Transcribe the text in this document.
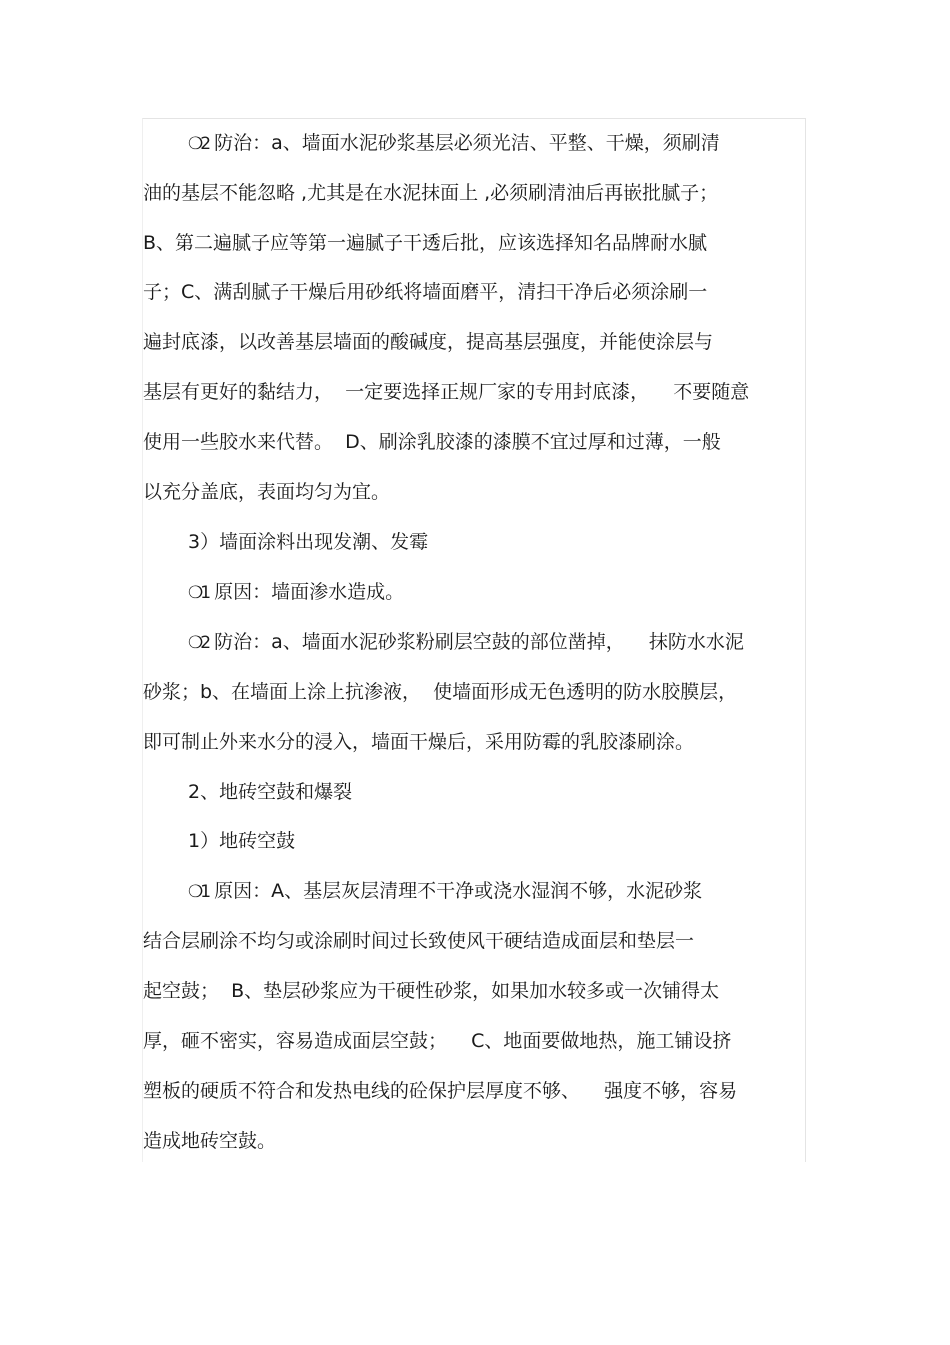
❍2 防治：a、墙面水泥砂浆基层必须光洁、平整、干燥，须刷清
油的基层不能忽略 ,尤其是在水泥抹面上 ,必须刷清油后再嵌批腻子；
B、第二遍腻子应等第一遍腻子干透后批，应该选择知名品牌耐水腻
子；C、满刮腻子干燥后用砂纸将墙面磨平，清扫干净后必须涂刷一
遍封底漆，以改善基层墙面的酸碱度，提高基层强度，并能使涂层与
基层有更好的黏结力，  一定要选择正规厂家的专用封底漆，    不要随意
使用一些胶水来代替。  D、刷涂乳胶漆的漆膜不宜过厚和过薄，一般
以充分盖底，表面均匀为宜。
3）墙面涂料出现发潮、发霉
❍1 原因：墙面渗水造成。
❍2 防治：a、墙面水泥砂浆粉刷层空鼓的部位凿掉，    抹防水水泥
砂浆；b、在墙面上涂上抗渗液，  使墙面形成无色透明的防水胶膜层，
即可制止外来水分的浸入，墙面干燥后，采用防霉的乳胶漆刷涂。
2、地砖空鼓和爆裂
1）地砖空鼓
❍1 原因：A、基层灰层清理不干净或浇水湿润不够，水泥砂浆
结合层刷涂不均匀或涂刷时间过长致使风干硬结造成面层和垫层一
起空鼓；  B、垫层砂浆应为干硬性砂浆，如果加水较多或一次铺得太
厚，砸不密实，容易造成面层空鼓；    C、地面要做地热，施工铺设挤
塑板的硬质不符合和发热电线的砼保护层厚度不够、    强度不够，容易
造成地砖空鼓。
